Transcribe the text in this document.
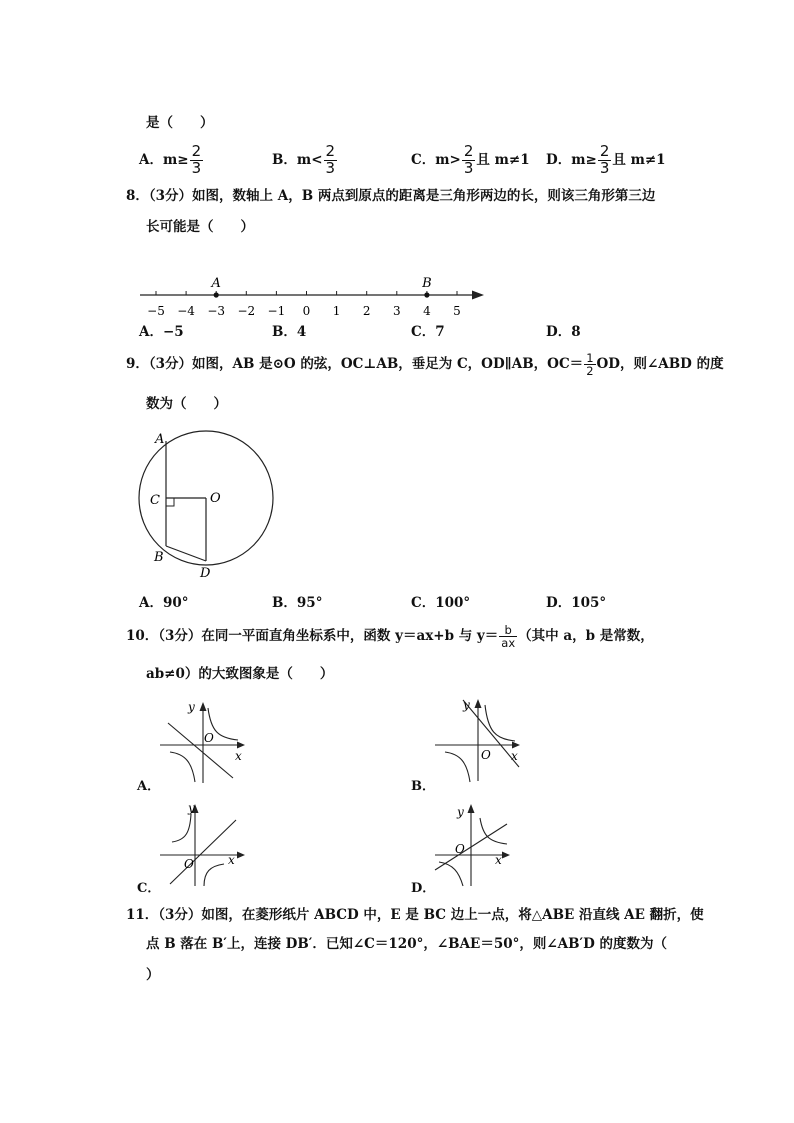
是（　　）
A．$m\ge \frac{2}{3}$	B．$m< \frac{2}{3}$	C．$m> \frac{2}{3}$ 且 m≠1 D．$m\ge \frac{2}{3}$ 且 m≠1
8．（3分）如图，数轴上 A，B 两点到原点的距离是三角形两边的长，则该三角形第三边
长可能是（　　）
−5 −4 −3 −2 −1 0 1 2 3 4 5
A	B
A．−5	B．4	C．7	D．8
9．（3分）如图，AB 是⊙O 的弦，OC⊥AB，垂足为 C，OD∥AB，$OC= \frac{1}{2}$ OD，则∠ABD 的度
数为（　　）
A
C	O
B
D
A．90°	B．95°	C．100°	D．105°
10．（3分）在同一平面直角坐标系中，函数 y＝ax+b 与 $y= \frac{b}{ax}$ （其中 a，b 是常数，
ab≠0）的大致图象是（　　）
y
x
O
A．
y
x
O
B．
y
x
O
C．
y
x
O
D．
11．（3分）如图，在菱形纸片 ABCD 中，E 是 BC 边上一点，将△ABE 沿直线 AE 翻折，使
点 B 落在 B′上，连接 DB′．已知∠C＝120°，∠BAE＝50°，则∠AB′D 的度数为（
）
